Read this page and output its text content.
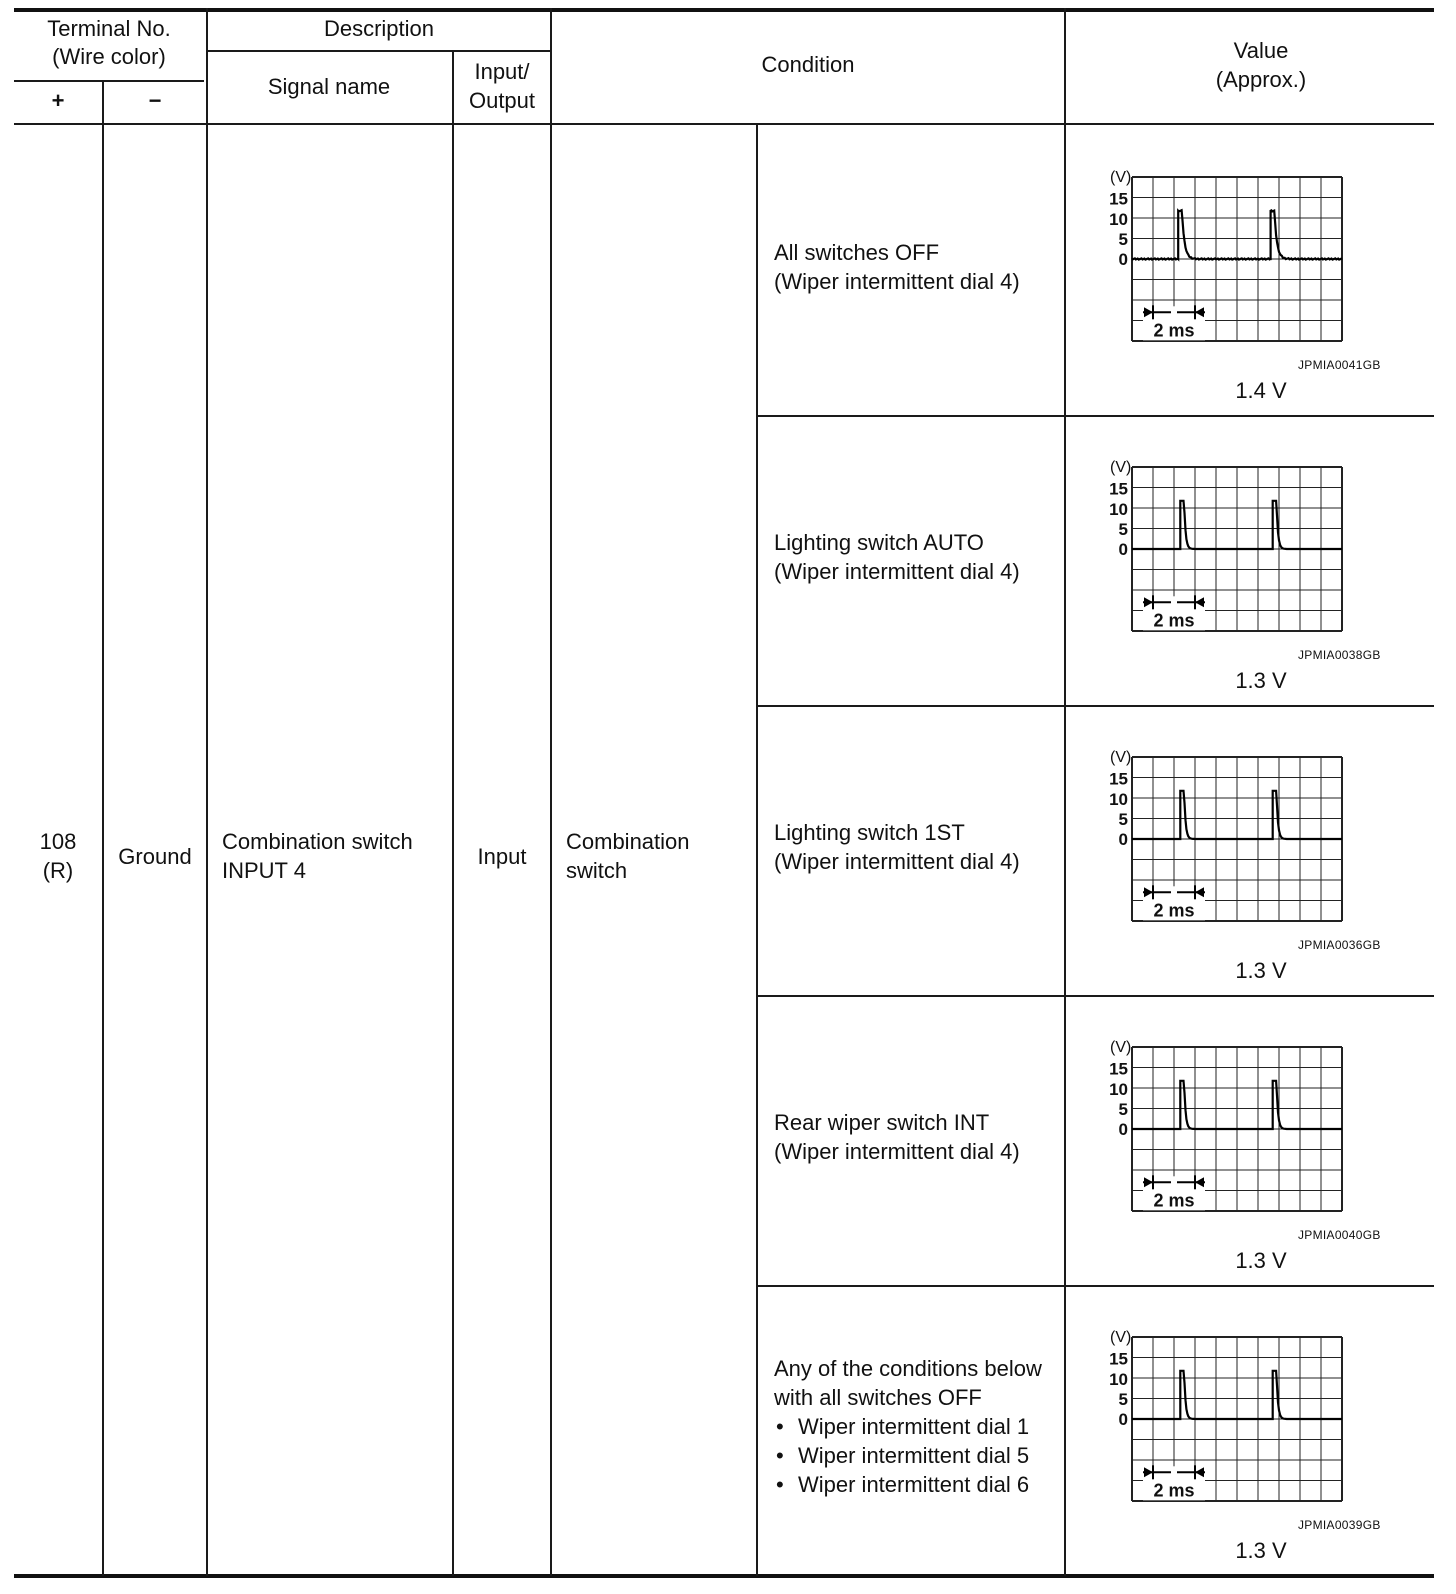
Terminal No.
(Wire color)
+	−
Description
Signal name
Input/
Output
Condition
Value
(Approx.)
108
(R)
Ground
Combination switch
INPUT 4
Input
Combination
switch
All switches OFF
(Wiper intermittent dial 4)
Lighting switch AUTO
(Wiper intermittent dial 4)
Lighting switch 1ST
(Wiper intermittent dial 4)
Rear wiper switch INT
(Wiper intermittent dial 4)
Any of the conditions below
with all switches OFF
• Wiper intermittent dial 1
• Wiper intermittent dial 5
• Wiper intermittent dial 6
(V)
15
10
5
0
2 ms
JPMIA0041GB
1.4 V
(V)
15
10
5
0
2 ms
JPMIA0038GB
1.3 V
(V)
15
10
5
0
2 ms
JPMIA0036GB
1.3 V
(V)
15
10
5
0
2 ms
JPMIA0040GB
1.3 V
(V)
15
10
5
0
2 ms
JPMIA0039GB
1.3 V
